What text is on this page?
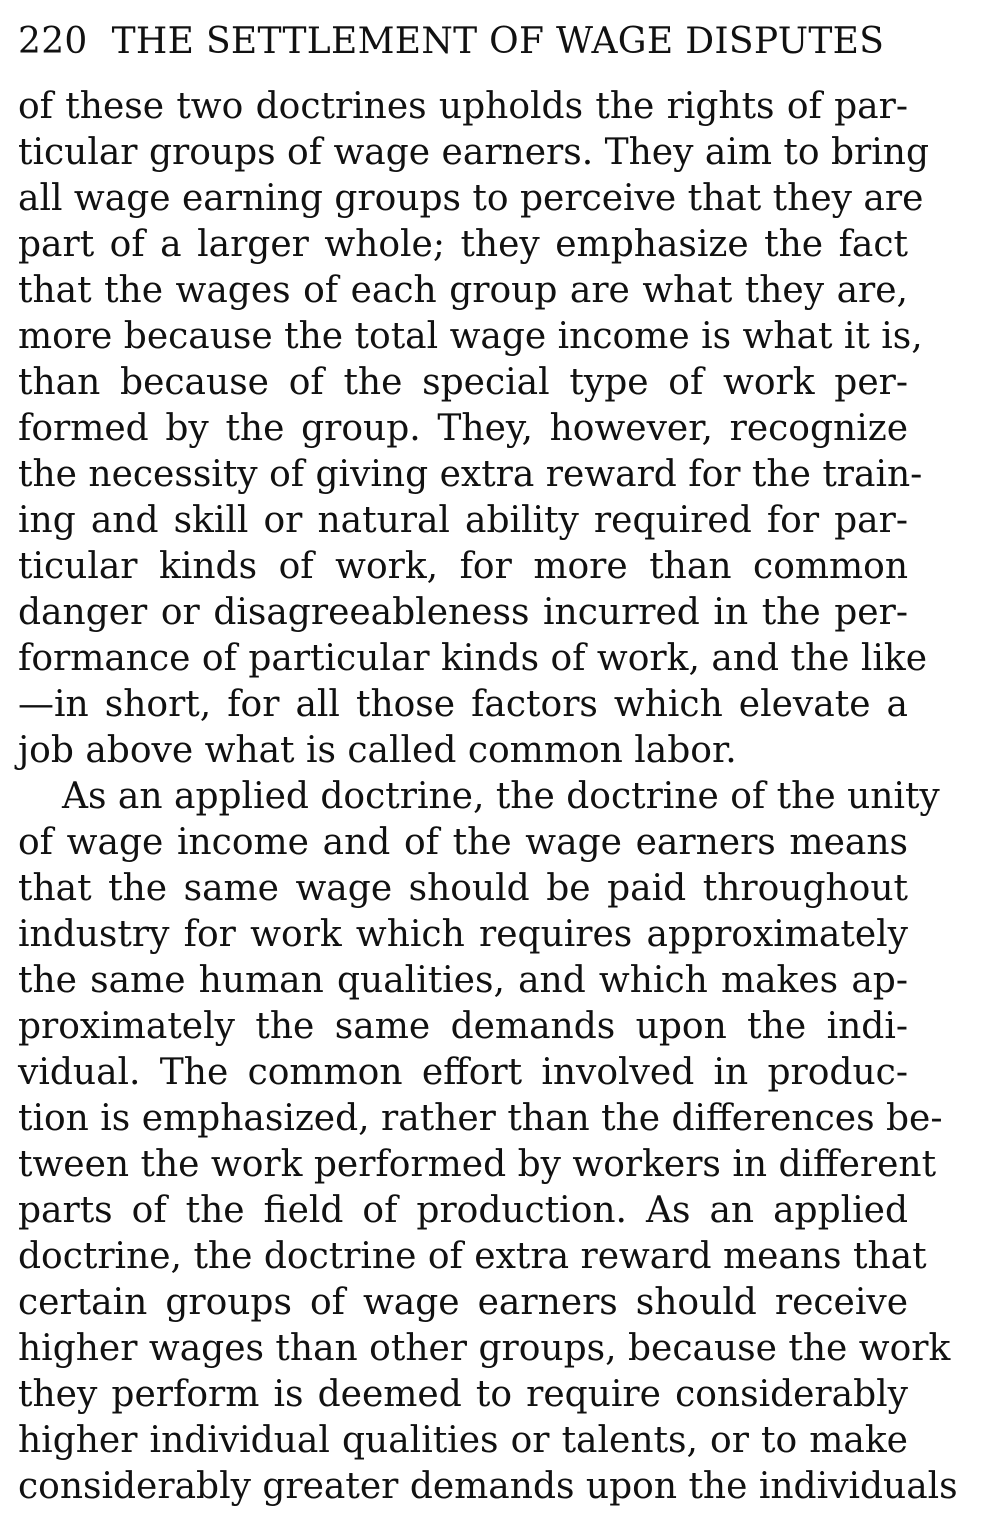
220 THE SETTLEMENT OF WAGE DISPUTES
of these two doctrines upholds the rights of par-
ticular groups of wage earners. They aim to bring
all wage earning groups to perceive that they are
part of a larger whole; they emphasize the fact
that the wages of each group are what they are,
more because the total wage income is what it is,
than because of the special type of work per-
formed by the group. They, however, recognize
the necessity of giving extra reward for the train-
ing and skill or natural ability required for par-
ticular kinds of work, for more than common
danger or disagreeableness incurred in the per-
formance of particular kinds of work, and the like
—in short, for all those factors which elevate a
job above what is called common labor.
As an applied doctrine, the doctrine of the unity
of wage income and of the wage earners means
that the same wage should be paid throughout
industry for work which requires approximately
the same human qualities, and which makes ap-
proximately the same demands upon the indi-
vidual. The common effort involved in produc-
tion is emphasized, rather than the differences be-
tween the work performed by workers in different
parts of the field of production. As an applied
doctrine, the doctrine of extra reward means that
certain groups of wage earners should receive
higher wages than other groups, because the work
they perform is deemed to require considerably
higher individual qualities or talents, or to make
considerably greater demands upon the individuals
